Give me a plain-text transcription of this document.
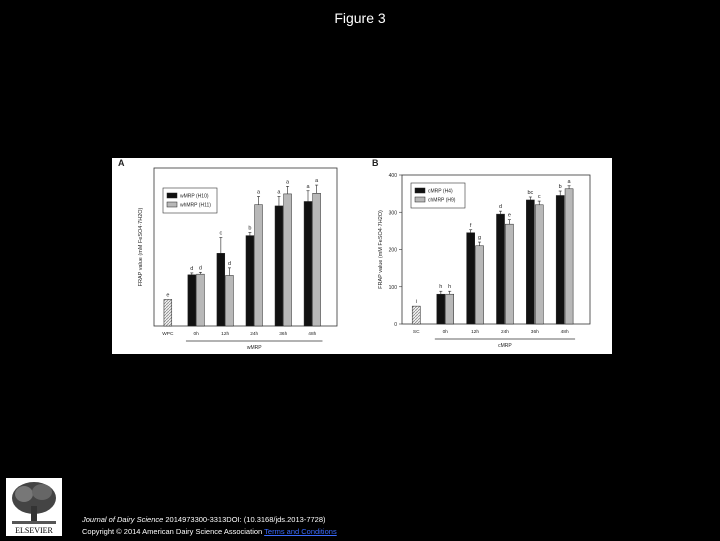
Figure 3
A
FRAP value (mM FeSO4·7H2O)
e
WPC
d d
0h
c
d
12h
b
a
24h
a
a
36h
a
a
48h
wMRP
wMRP (H10)
whMRP (H11)
B
0
100
200
300
400
FRAP value (mM FeSO4·7H2O)
i
SC
h h
0h
f
g
12h
d
e
24h
bc
c
36h
b
a
48h
cMRP
cMRP (H4)
chMRP (H9)
ELSEVIER
Journal of Dairy Science 2014973300-3313DOI: (10.3168/jds.2013-7728)
Copyright © 2014 American Dairy Science Association Terms and Conditions
